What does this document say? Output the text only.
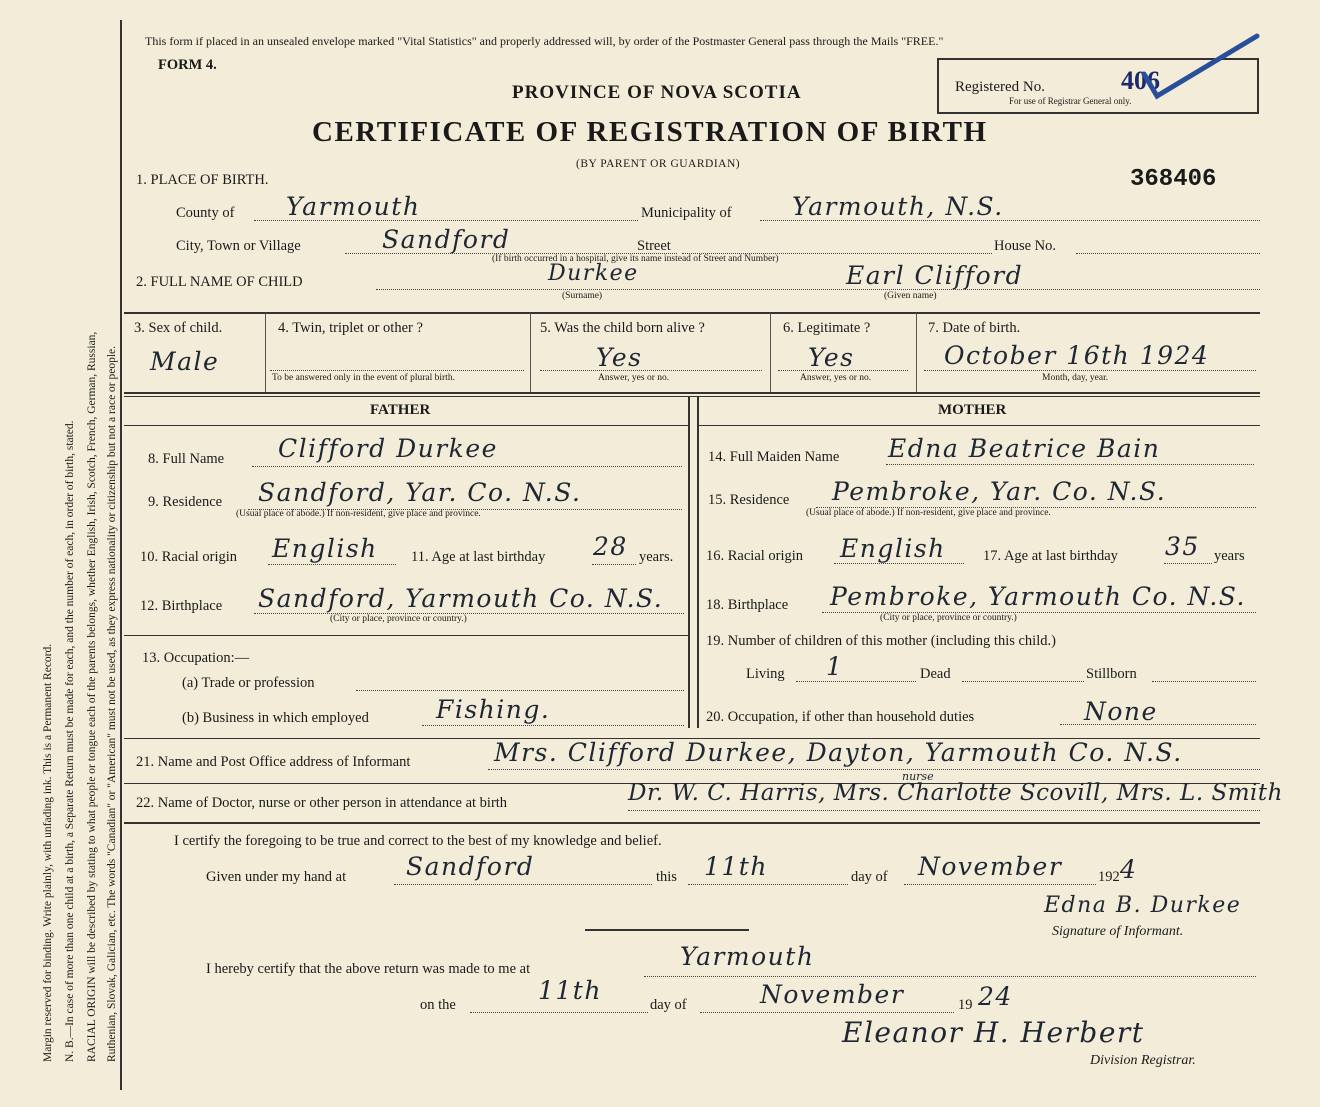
Margin reserved for binding. Write plainly, with unfading ink. This is a Permanent Record. N. B.—In case of more than one child at a birth, a Separate Return must be made for each, and the number of each, in order of birth, stated. RACIAL ORIGIN will be described by stating to what people or tongue each of the parents belongs, whether English, Irish, Scotch, French, German, Russian, Ruthenian, Slovak, Galician, etc. The words "Canadian" or "American" must not be used, as they express nationality or citizenship but not a race or people.
This form if placed in an unsealed envelope marked "Vital Statistics" and properly addressed will, by order of the Postmaster General pass through the Mails "FREE."
FORM 4.
PROVINCE OF NOVA SCOTIA
CERTIFICATE OF REGISTRATION OF BIRTH
(BY PARENT OR GUARDIAN)
Registered No.	406
For use of Registrar General only.
368406
1. PLACE OF BIRTH.
County of Yarmouth	Municipality of Yarmouth, N.S.
City, Town or Village	Sandford	Street	House No.
(If birth occurred in a hospital, give its name instead of Street and Number)
2. FULL NAME OF CHILD	Durkee	Earl Clifford
(Surname)	(Given name)
3. Sex of child.
Male
4. Twin, triplet or other ?
To be answered only in the event of plural birth.
5. Was the child born alive ?
Yes
Answer, yes or no.
6. Legitimate ?
Yes
Answer, yes or no.
7. Date of birth.
October 16th 1924
Month, day, year.
FATHER	MOTHER
8. Full Name Clifford Durkee
9. Residence Sandford, Yar. Co. N.S.
(Usual place of abode.) If non-resident, give place and province.
10. Racial origin English 11. Age at last birthday 28 years.
12. Birthplace Sandford, Yarmouth Co. N.S.
(City or place, province or country.)
13. Occupation:—
(a) Trade or profession
(b) Business in which employed	Fishing.
14. Full Maiden Name Edna Beatrice Bain
15. Residence Pembroke, Yar. Co. N.S.
(Usual place of abode.) If non-resident, give place and province.
16. Racial origin English	17. Age at last birthday 35 years
18. Birthplace Pembroke, Yarmouth Co. N.S.
(City or place, province or country.)
19. Number of children of this mother (including this child.)
Living 1	Dead	Stillborn
20. Occupation, if other than household duties	None
21. Name and Post Office address of Informant	Mrs. Clifford Durkee, Dayton, Yarmouth Co. N.S.
22. Name of Doctor, nurse or other person in attendance at birth	Dr. W. C. Harris, Mrs. Charlotte Scovill, Mrs. L. Smith
nurse
I certify the foregoing to be true and correct to the best of my knowledge and belief.
Given under my hand at Sandford	this 11th	day of November 192 4
Edna B. Durkee
Signature of Informant.
I hereby certify that the above return was made to me at	Yarmouth
on the	11th	day of	November	19 24
Eleanor H. Herbert
Division Registrar.
